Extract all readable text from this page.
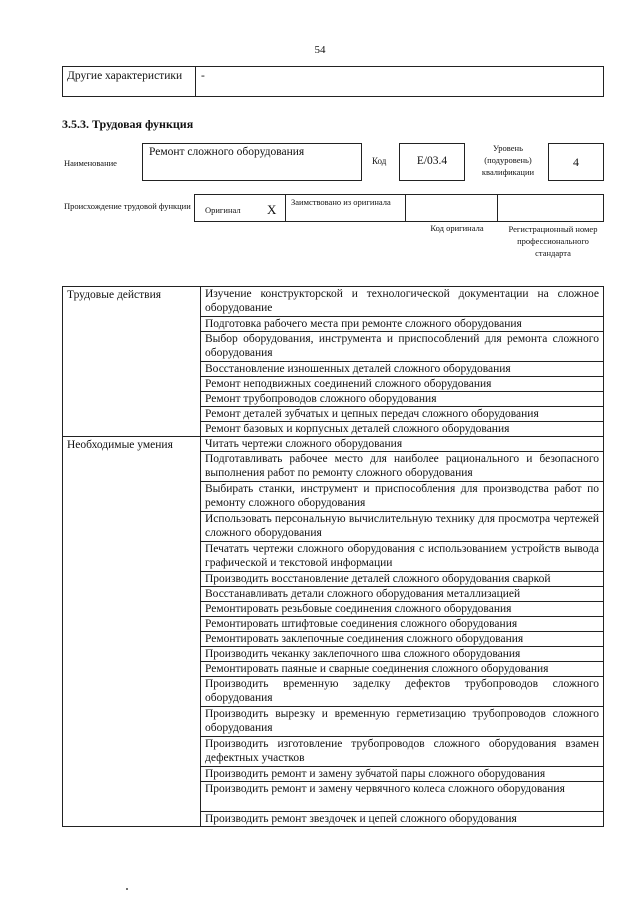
54
Другие характеристики	-
3.5.3. Трудовая функция
Наименование
Ремонт сложного оборудования
Код	E/03.4
Уровень (подуровень) квалификации
4
Происхождение трудовой функции	Оригинал X Заимствовано из оригинала
Код оригинала	Регистрационный номер профессионального стандарта
Трудовые действия	Изучение конструкторской и технологической документации на сложное оборудование
	Подготовка рабочего места при ремонте сложного оборудования
	Выбор оборудования, инструмента и приспособлений для ремонта сложного оборудования
	Восстановление изношенных деталей сложного оборудования
	Ремонт неподвижных соединений сложного оборудования
	Ремонт трубопроводов сложного оборудования
	Ремонт деталей зубчатых и цепных передач сложного оборудования
	Ремонт базовых и корпусных деталей сложного оборудования
Необходимые умения	Читать чертежи сложного оборудования
	Подготавливать рабочее место для наиболее рационального и безопасного выполнения работ по ремонту сложного оборудования
	Выбирать станки, инструмент и приспособления для производства работ по ремонту сложного оборудования
	Использовать персональную вычислительную технику для просмотра чертежей сложного оборудования
	Печатать чертежи сложного оборудования с использованием устройств вывода графической и текстовой информации
	Производить восстановление деталей сложного оборудования сваркой
	Восстанавливать детали сложного оборудования металлизацией
	Ремонтировать резьбовые соединения сложного оборудования
	Ремонтировать штифтовые соединения сложного оборудования
	Ремонтировать заклепочные соединения сложного оборудования
	Производить чеканку заклепочного шва сложного оборудования
	Ремонтировать паяные и сварные соединения сложного оборудования
	Производить временную заделку дефектов трубопроводов сложного оборудования
	Производить вырезку и временную герметизацию трубопроводов сложного оборудования
	Производить изготовление трубопроводов сложного оборудования взамен дефектных участков
	Производить ремонт и замену зубчатой пары сложного оборудования
	Производить ремонт и замену червячного колеса сложного оборудования
	Производить ремонт звездочек и цепей сложного оборудования
